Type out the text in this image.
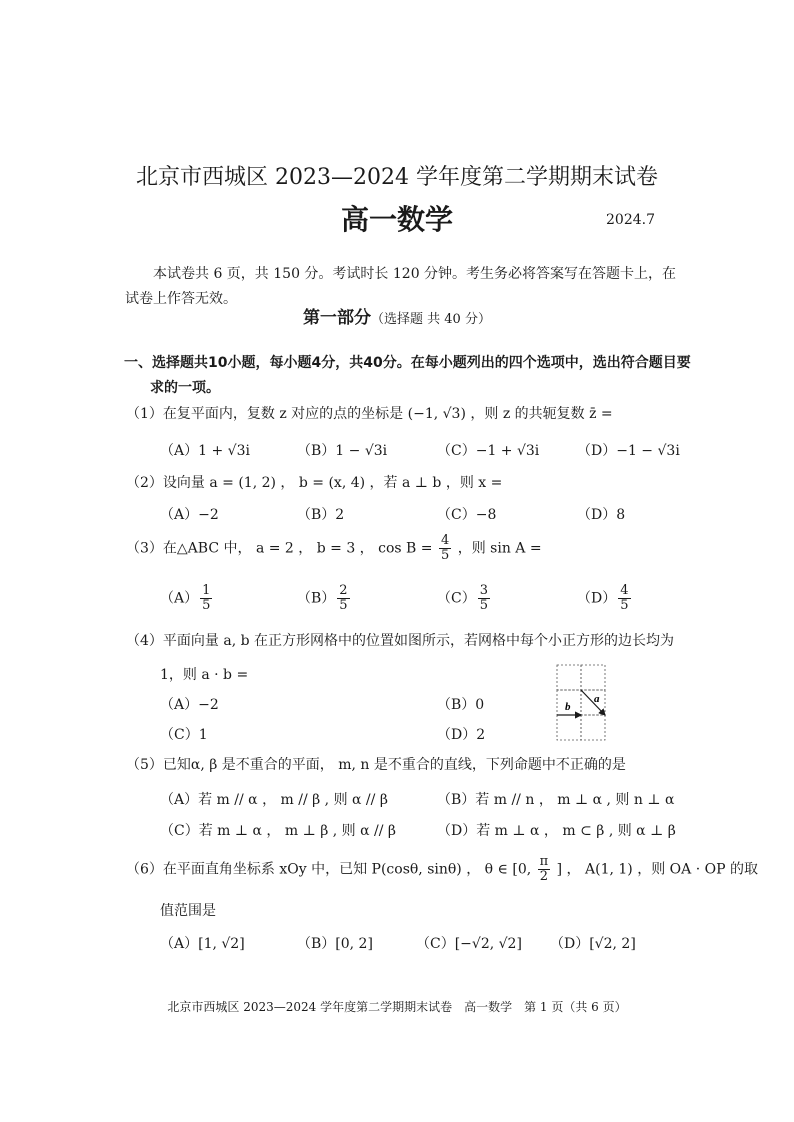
北京市西城区 2023—2024 学年度第二学期期末试卷
高一数学	2024.7
本试卷共 6 页，共 150 分。考试时长 120 分钟。考生务必将答案写在答题卡上，在试卷上作答无效。
第一部分（选择题 共 40 分）
一、选择题共10小题，每小题4分，共40分。在每小题列出的四个选项中，选出符合题目要
求的一项。
（1）在复平面内，复数 z 对应的点的坐标是 (−1, √3) ，则 z 的共轭复数 z̄ =
（A）1 + √3i	（B）1 − √3i	（C）−1 + √3i	（D）−1 − √3i
（2）设向量 a = (1, 2) ， b = (x, 4) ，若 a ⊥ b ，则 x =
（A）−2	（B）2	（C）−8	（D）8
（3）在△ABC 中， a = 2 ， b = 3 ， $\cos B = \frac{4}{5}$ ，则 sin A =
$(A) \frac{1}{5}$	$(B) \frac{2}{5}$	$(C) \frac{3}{5}$	$(D) \frac{4}{5}$
（4）平面向量 a, b 在正方形网格中的位置如图所示，若网格中每个小正方形的边长均为
1，则 a · b =
（A）−2	（B）0
（C）1	（D）2
b
a
（5）已知α, β 是不重合的平面， m, n 是不重合的直线，下列命题中不正确的是
（A）若 m // α ， m // β , 则 α // β	（B）若 m // n ， m ⊥ α , 则 n ⊥ α
（C）若 m ⊥ α ， m ⊥ β , 则 α // β	（D）若 m ⊥ α ， m ⊂ β , 则 α ⊥ β
（6）在平面直角坐标系 xOy 中，已知 P(cosθ, sinθ) ， θ ∈ [0, $\frac{\pi}{2}$ ] ， A(1, 1) ，则 OA · OP 的取
值范围是
（A）[1, √2]	（B）[0, 2]	（C）[−√2, √2] （D）[√2, 2]
北京市西城区 2023—2024 学年度第二学期期末试卷　高一数学　第 1 页（共 6 页）
